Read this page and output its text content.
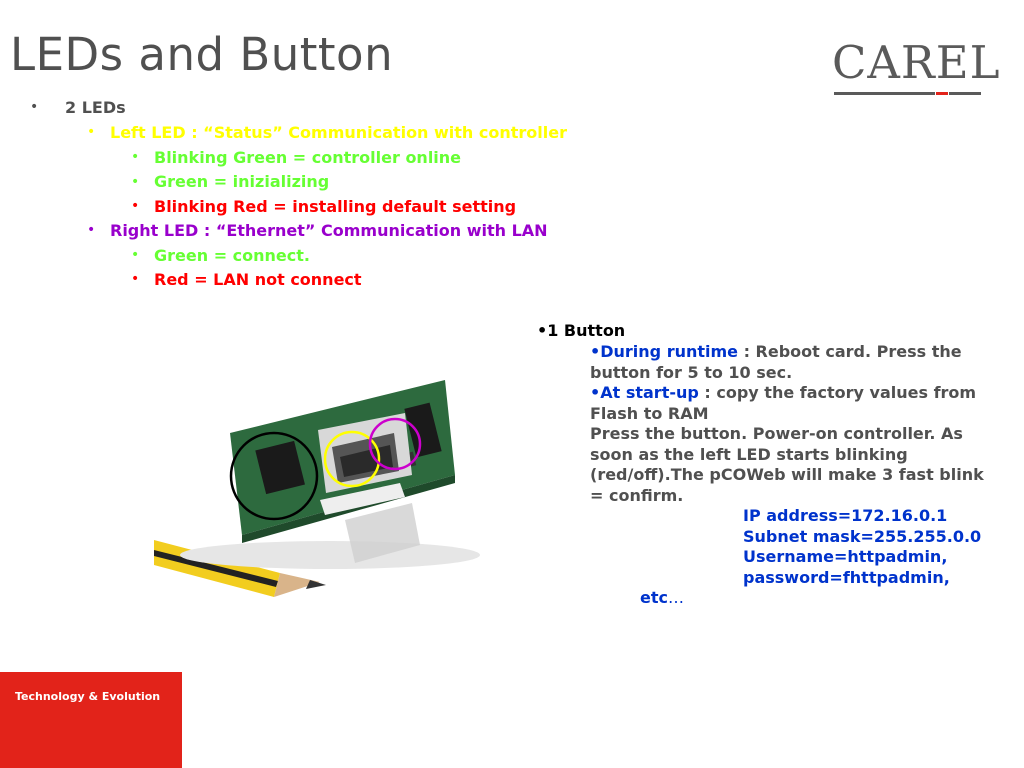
LEDs and Button	CAREL
• 2 LEDs
• Left LED : “Status” Communication with controller
• Blinking Green = controller online
• Green = inizializing
• Blinking Red = installing default setting
• Right LED : “Ethernet” Communication with LAN
• Green = connect.
• Red = LAN not connect
•1 Button
•During runtime : Reboot card. Press the button for 5 to 10 sec.
•At start-up : copy the factory values from Flash to RAM
Press the button. Power-on controller. As soon as the left LED starts blinking (red/off).The pCOWeb will make 3 fast blink = confirm.
IP address=172.16.0.1
Subnet mask=255.255.0.0
Username=httpadmin,
password=fhttpadmin,
etc…
Technology & Evolution
